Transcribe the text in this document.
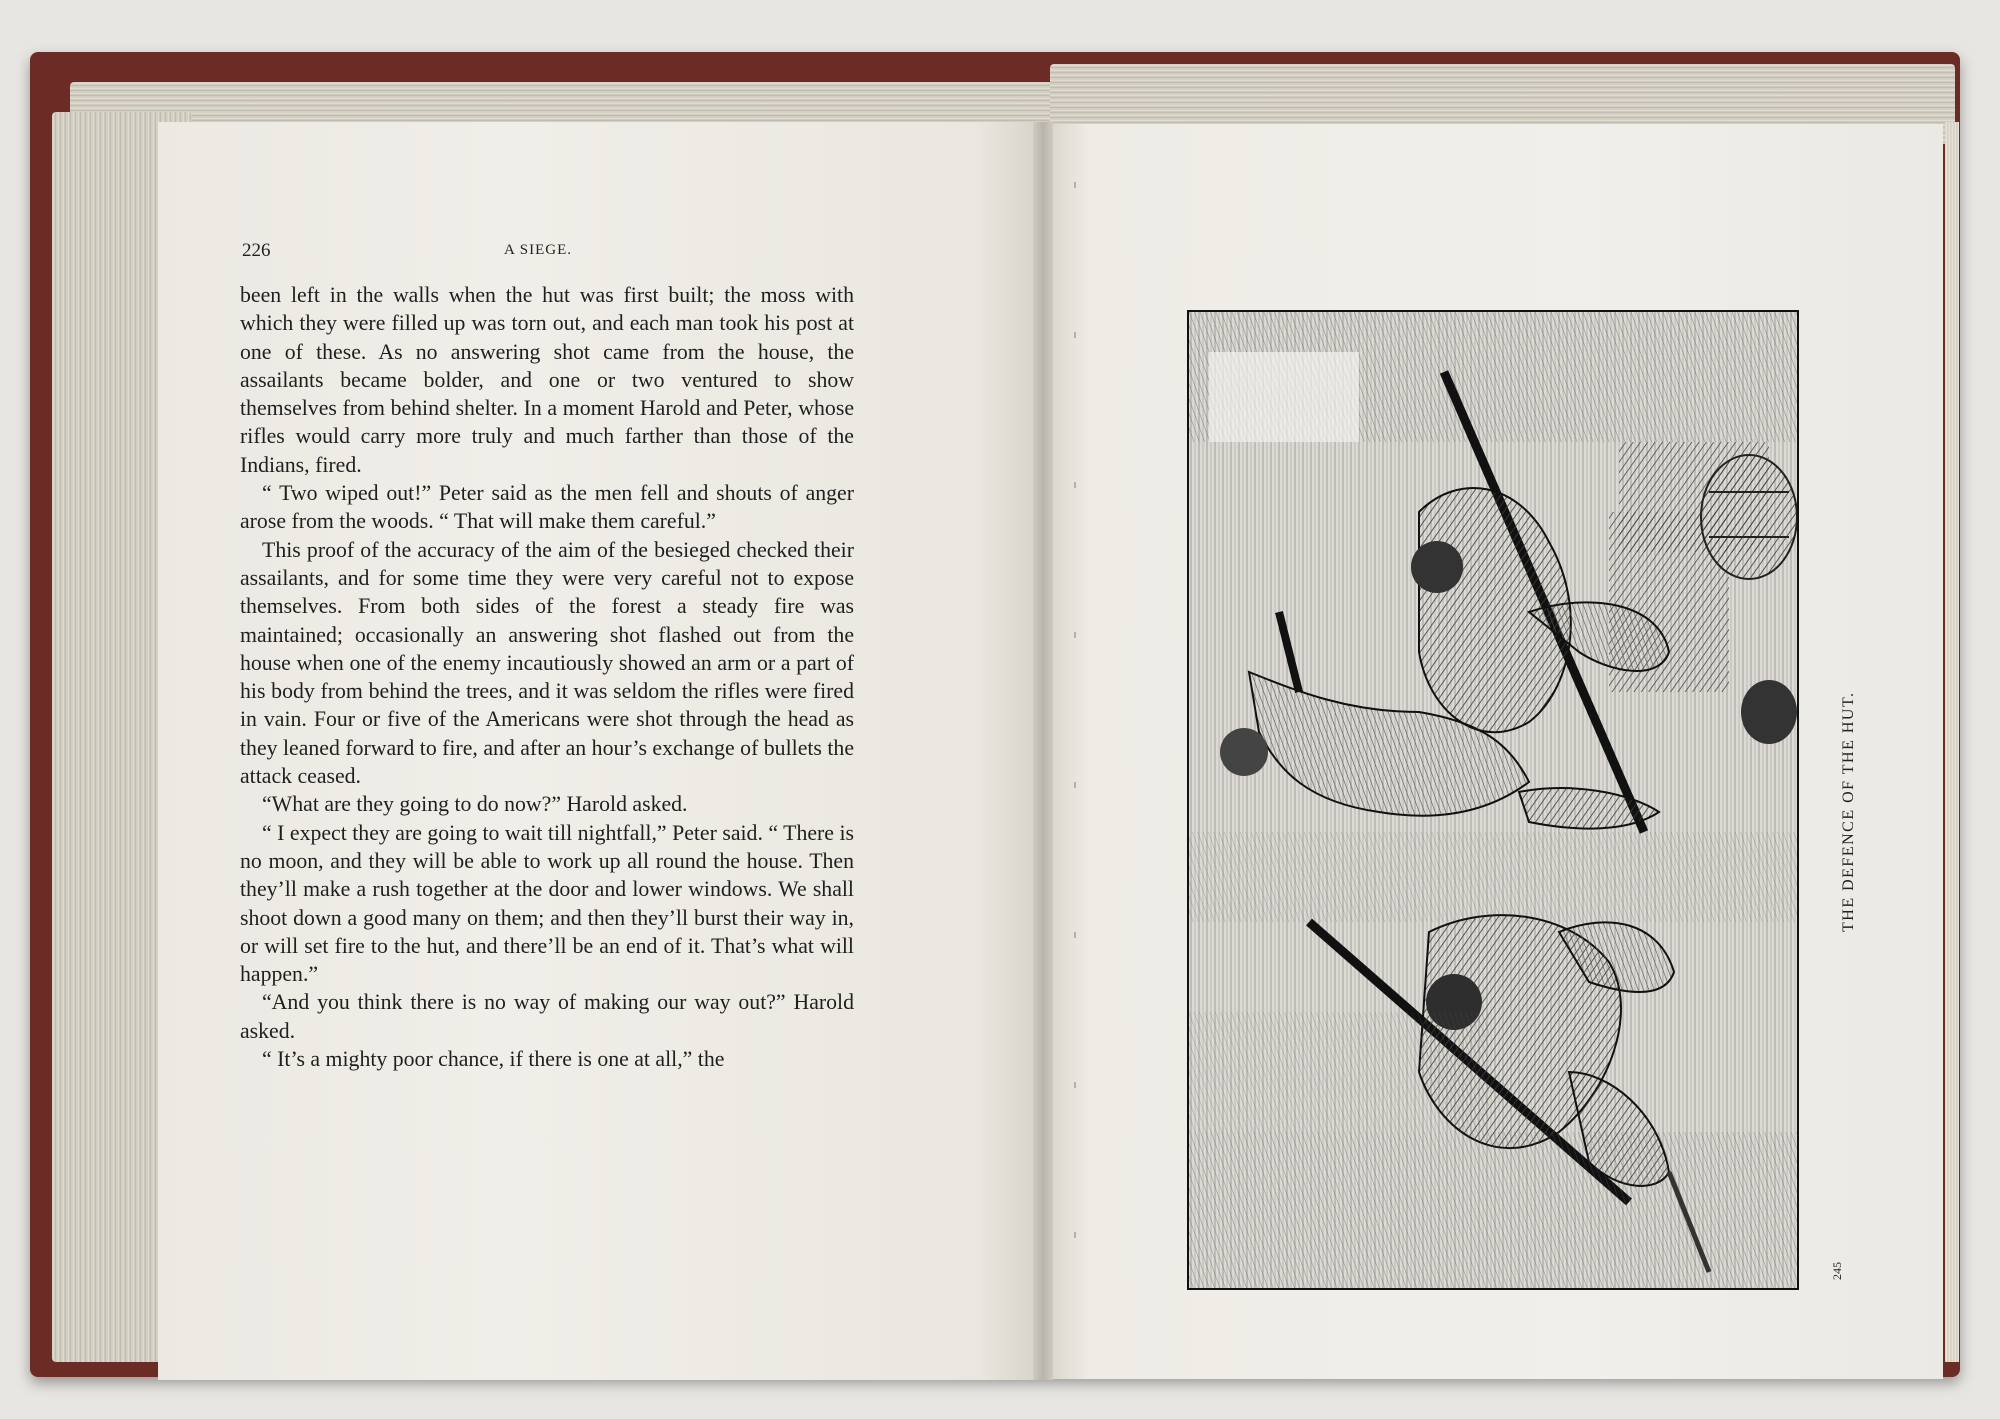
226	A SIEGE.

been left in the walls when the hut was first built; the moss with which they were filled up was torn out, and each man took his post at one of these. As no answering shot came from the house, the assailants became bolder, and one or two ventured to show themselves from behind shelter. In a moment Harold and Peter, whose rifles would carry more truly and much farther than those of the Indians, fired.

“ Two wiped out!” Peter said as the men fell and shouts of anger arose from the woods. “ That will make them careful.”

This proof of the accuracy of the aim of the besieged checked their assailants, and for some time they were very careful not to expose themselves. From both sides of the forest a steady fire was maintained; occasionally an answering shot flashed out from the house when one of the enemy incautiously showed an arm or a part of his body from behind the trees, and it was seldom the rifles were fired in vain. Four or five of the Americans were shot through the head as they leaned forward to fire, and after an hour’s exchange of bullets the attack ceased.

“What are they going to do now?” Harold asked.

“ I expect they are going to wait till nightfall,” Peter said. “ There is no moon, and they will be able to work up all round the house. Then they’ll make a rush together at the door and lower windows. We shall shoot down a good many on them; and then they’ll burst their way in, or will set fire to the hut, and there’ll be an end of it. That’s what will happen.”

“And you think there is no way of making our way out?” Harold asked.

“ It’s a mighty poor chance, if there is one at all,” the

THE DEFENCE OF THE HUT.
245
